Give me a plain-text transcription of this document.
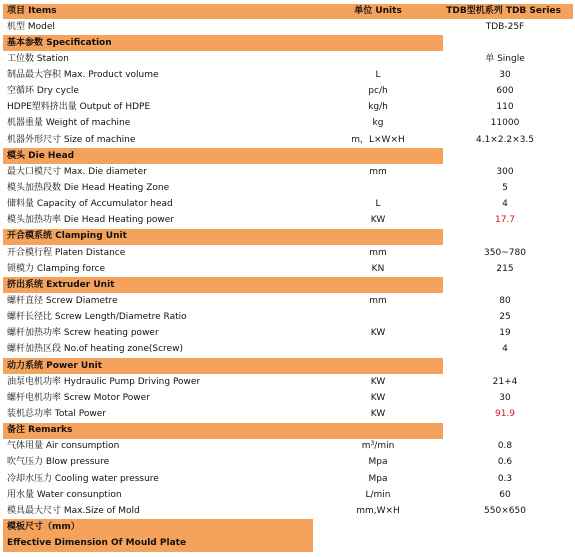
项目 Items	单位 Units	TDB型机系列 TDB Series
机型 Model		TDB-25F
基本参数 Specification		
工位数 Station		单 Single
制品最大容积 Max. Product volume	L	30
空循环 Dry cycle	pc/h	600
HDPE塑料挤出量 Output of HDPE	kg/h	110
机器重量 Weight of machine	kg	11000
机器外形尺寸 Size of machine	m，L×W×H	4.1×2.2×3.5
模头 Die Head		
最大口模尺寸 Max. Die diameter	mm	300
模头加热段数 Die Head Heating Zone		5
储料量 Capacity of Accumulator head	L	4
模头加热功率 Die Head Heating power	KW	17.7
开合模系统 Clamping Unit		
开合模行程 Platen Distance	mm	350~780
锁模力 Clamping force	KN	215
挤出系统 Extruder Unit		
螺杆直径 Screw Diametre	mm	80
螺杆长径比 Screw Length/Diametre Ratio		25
螺杆加热功率 Screw heating power	KW	19
螺杆加热区段 No.of heating zone(Screw)		4
动力系统 Power Unit		
油泵电机功率 Hydraulic Pump Driving Power	KW	21+4
螺杆电机功率 Screw Motor Power	KW	30
装机总功率 Total Power	KW	91.9
备注 Remarks		
气体用量 Air consumption	$m^3/\min$	0.8
吹气压力 Blow pressure	Mpa	0.6
冷却水压力 Cooling water pressure	Mpa	0.3
用水量 Water consunption	L/min	60
模具最大尺寸 Max.Size of Mold	mm,W×H	550×650
模板尺寸（mm）		
Effective Dimension Of Mould Plate		
